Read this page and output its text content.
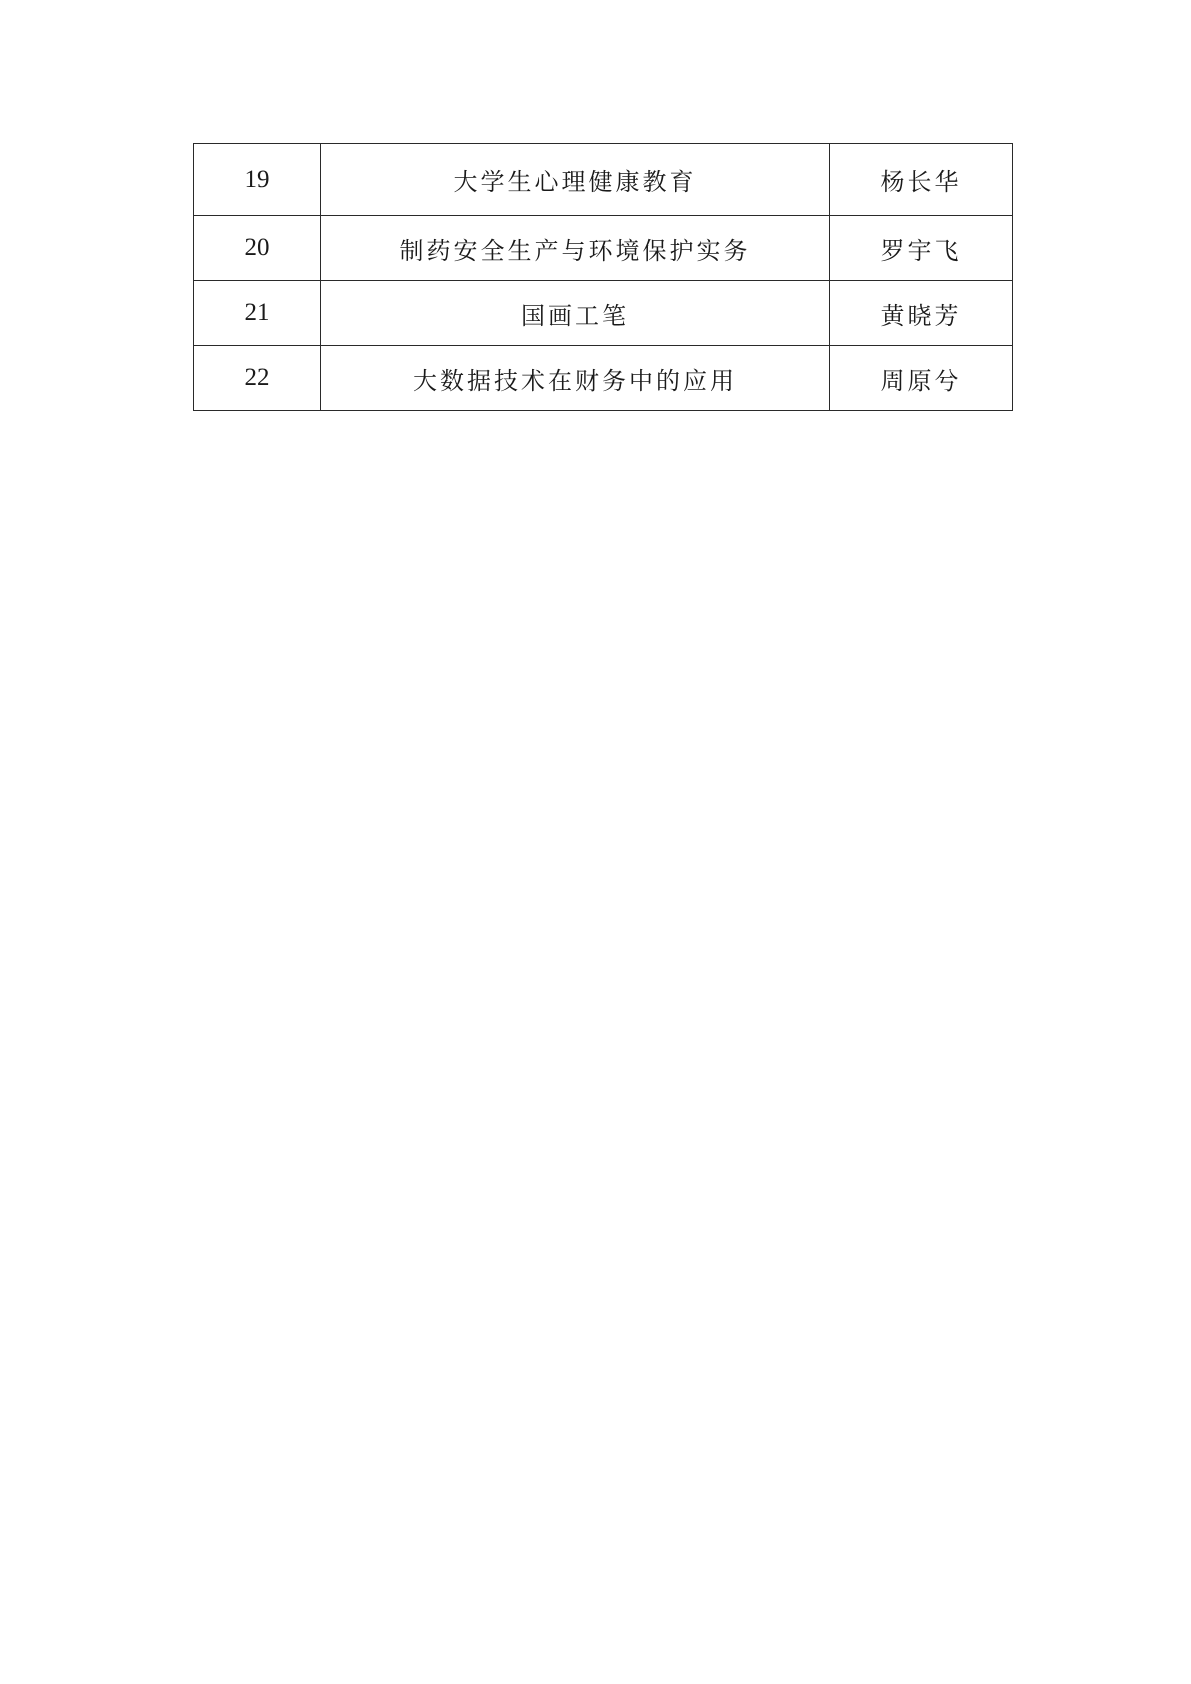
19	大学生心理健康教育	杨长华
20	制药安全生产与环境保护实务	罗宇飞
21	国画工笔	黄晓芳
22	大数据技术在财务中的应用	周原兮
